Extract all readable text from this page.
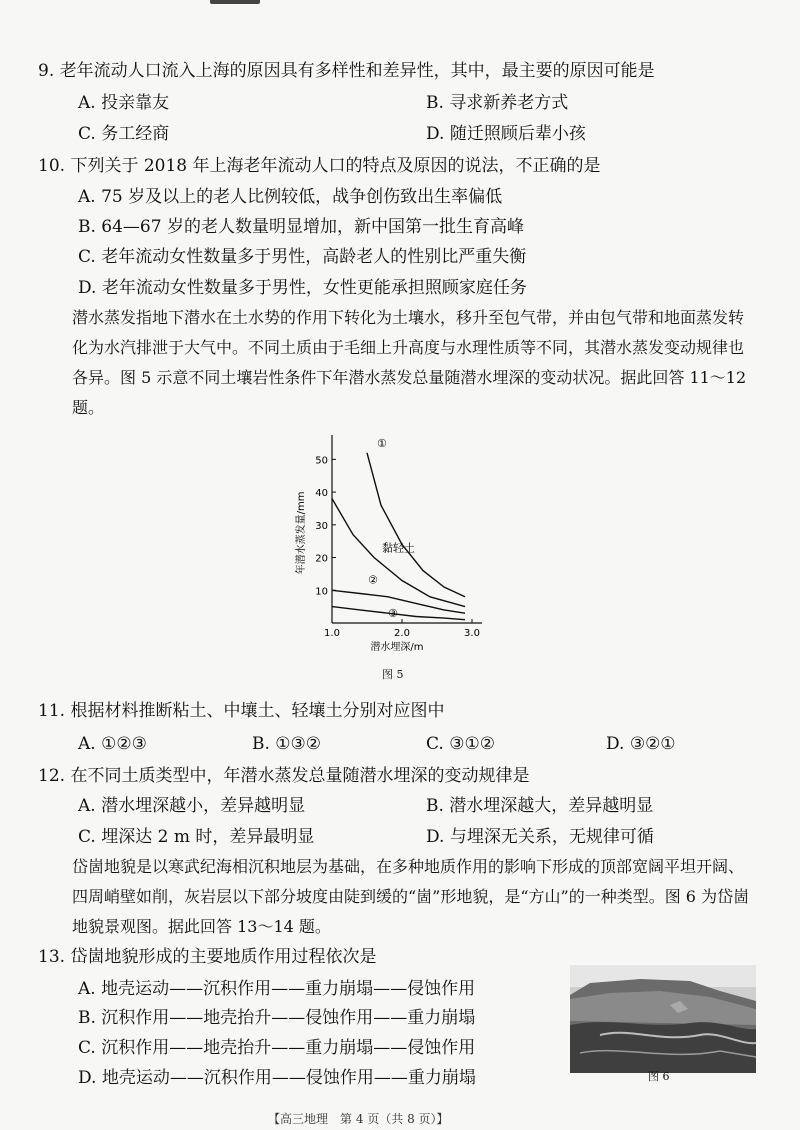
9. 老年流动人口流入上海的原因具有多样性和差异性，其中，最主要的原因可能是
A. 投亲靠友	B. 寻求新养老方式
C. 务工经商	D. 随迁照顾后辈小孩
10. 下列关于 2018 年上海老年流动人口的特点及原因的说法，不正确的是
A. 75 岁及以上的老人比例较低，战争创伤致出生率偏低
B. 64—67 岁的老人数量明显增加，新中国第一批生育高峰
C. 老年流动女性数量多于男性，高龄老人的性别比严重失衡
D. 老年流动女性数量多于男性，女性更能承担照顾家庭任务

潜水蒸发指地下潜水在土水势的作用下转化为土壤水，移升至包气带，并由包气带和地面蒸发转化为水汽排泄于大气中。不同土质由于毛细上升高度与水理性质等不同，其潜水蒸发变动规律也各异。图 5 示意不同土壤岩性条件下年潜水蒸发总量随潜水埋深的变动状况。据此回答 11～12 题。

10
20
30
40
50
1.0	2.0	3.0
潜水埋深/m
年潜水蒸发量/mm
①
黏轻土
②
③
图 5
11. 根据材料推断粘土、中壤土、轻壤土分别对应图中
A. ①②③	B. ①③②	C. ③①②	D. ③②①
12. 在不同土质类型中，年潜水蒸发总量随潜水埋深的变动规律是
A. 潜水埋深越小，差异越明显	B. 潜水埋深越大，差异越明显
C. 埋深达 2 m 时，差异最明显	D. 与埋深无关系，无规律可循

岱崮地貌是以寒武纪海相沉积地层为基础，在多种地质作用的影响下形成的顶部宽阔平坦开阔、四周峭壁如削，灰岩层以下部分坡度由陡到缓的“崮”形地貌，是“方山”的一种类型。图 6 为岱崮地貌景观图。据此回答 13～14 题。

13. 岱崮地貌形成的主要地质作用过程依次是
A. 地壳运动——沉积作用——重力崩塌——侵蚀作用
B. 沉积作用——地壳抬升——侵蚀作用——重力崩塌
C. 沉积作用——地壳抬升——重力崩塌——侵蚀作用
D. 地壳运动——沉积作用——侵蚀作用——重力崩塌	图 6
【高三地理　第 4 页（共 8 页）】
